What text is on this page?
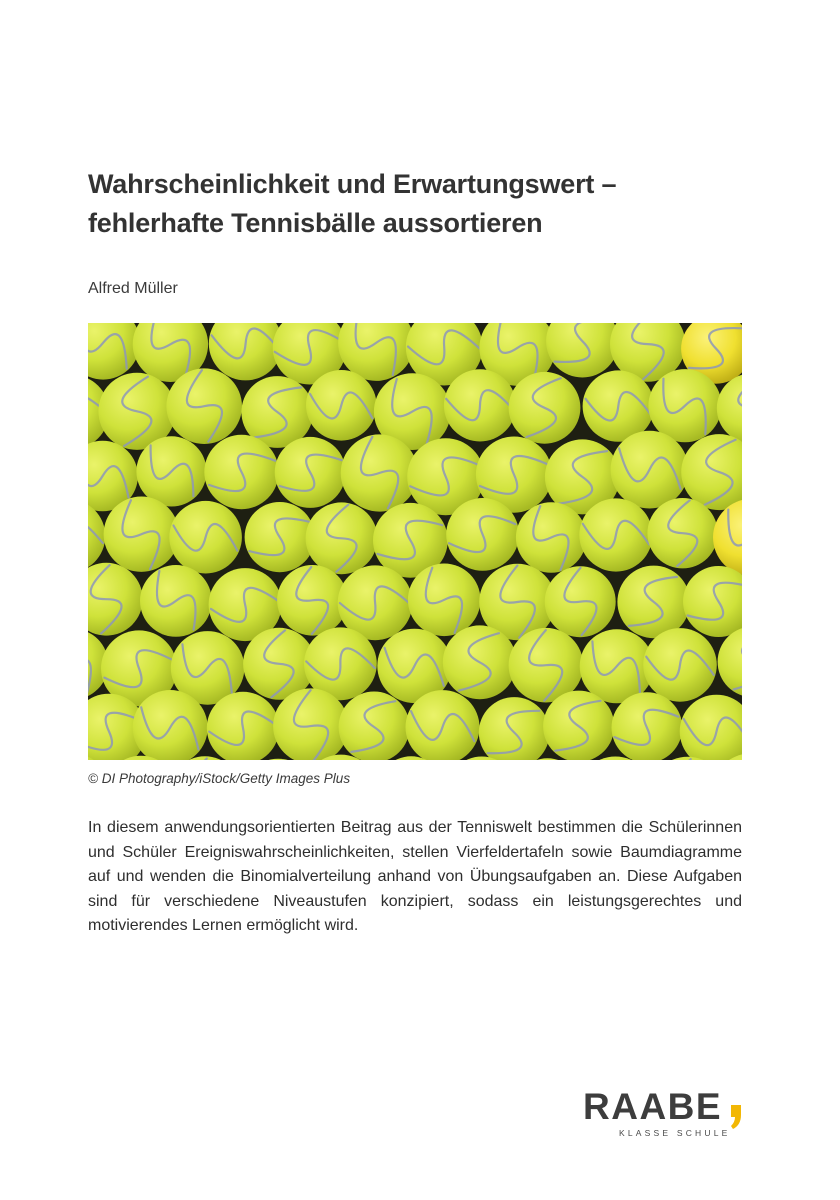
Wahrscheinlichkeit und Erwartungswert –
fehlerhafte Tennisbälle aussortieren
Alfred Müller
© DI Photography/iStock/Getty Images Plus

In diesem anwendungsorientierten Beitrag aus der Tenniswelt bestimmen die Schülerinnen und Schüler Ereigniswahrscheinlichkeiten, stellen Vierfeldertafeln sowie Baumdiagramme auf und wenden die Binomialverteilung anhand von Übungsaufgaben an. Diese Aufgaben sind für verschiedene Niveaustufen konzipiert, sodass ein leistungsgerechtes und motivierendes Lernen ermöglicht wird.

RAABE
KLASSE SCHULE
